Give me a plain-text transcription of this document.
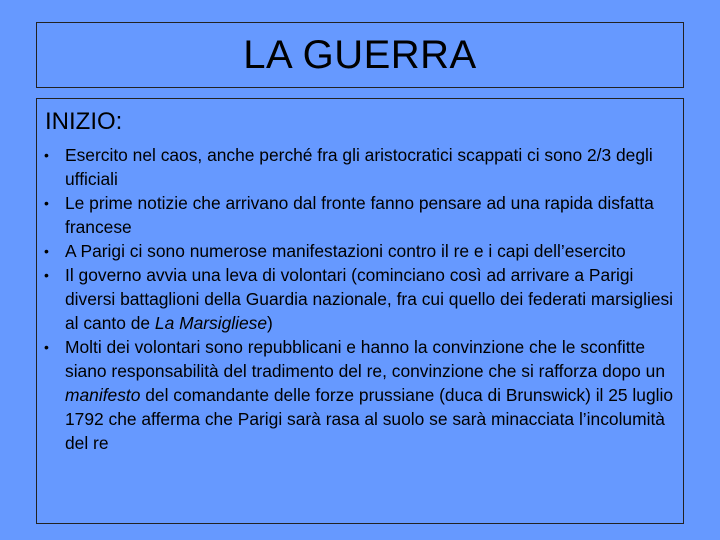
LA GUERRA
INIZIO:
• Esercito nel caos, anche perché fra gli aristocratici scappati ci sono 2/3 degli ufficiali
• Le prime notizie che arrivano dal fronte fanno pensare ad una rapida disfatta francese
• A Parigi ci sono numerose manifestazioni contro il re e i capi dell’esercito
• Il governo avvia una leva di volontari (cominciano così ad arrivare a Parigi diversi battaglioni della Guardia nazionale, fra cui quello dei federati marsigliesi al canto de La Marsigliese)
• Molti dei volontari sono repubblicani e hanno la convinzione che le sconfitte siano responsabilità del tradimento del re, convinzione che si rafforza dopo un manifesto del comandante delle forze prussiane (duca di Brunswick) il 25 luglio 1792 che afferma che Parigi sarà rasa al suolo se sarà minacciata l’incolumità del re
